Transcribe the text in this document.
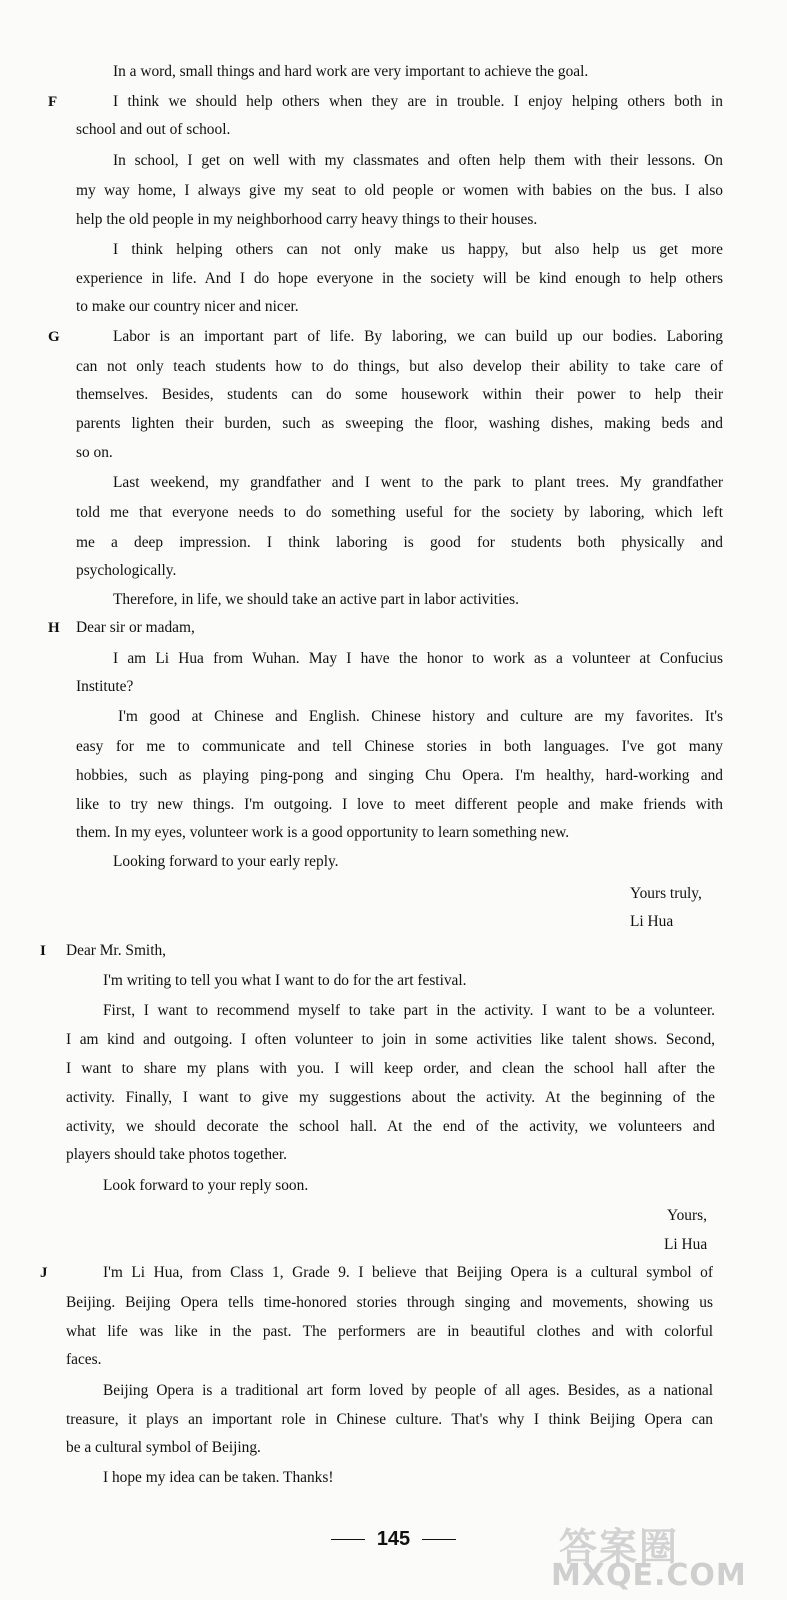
In a word, small things and hard work are very important to achieve the goal.
F	I think we should help others when they are in trouble. I enjoy helping others both in
school and out of school.
In school, I get on well with my classmates and often help them with their lessons. On
my way home, I always give my seat to old people or women with babies on the bus. I also
help the old people in my neighborhood carry heavy things to their houses.
I think helping others can not only make us happy, but also help us get more
experience in life. And I do hope everyone in the society will be kind enough to help others
to make our country nicer and nicer.
G	Labor is an important part of life. By laboring, we can build up our bodies. Laboring
can not only teach students how to do things, but also develop their ability to take care of
themselves. Besides, students can do some housework within their power to help their
parents lighten their burden, such as sweeping the floor, washing dishes, making beds and
so on.
Last weekend, my grandfather and I went to the park to plant trees. My grandfather
told me that everyone needs to do something useful for the society by laboring, which left
me a deep impression. I think laboring is good for students both physically and
psychologically.
Therefore, in life, we should take an active part in labor activities.
H Dear sir or madam,
I am Li Hua from Wuhan. May I have the honor to work as a volunteer at Confucius
Institute?
I'm good at Chinese and English. Chinese history and culture are my favorites. It's
easy for me to communicate and tell Chinese stories in both languages. I've got many
hobbies, such as playing ping-pong and singing Chu Opera. I'm healthy, hard-working and
like to try new things. I'm outgoing. I love to meet different people and make friends with
them. In my eyes, volunteer work is a good opportunity to learn something new.
Looking forward to your early reply.
Yours truly,
Li Hua
I Dear Mr. Smith,
I'm writing to tell you what I want to do for the art festival.
First, I want to recommend myself to take part in the activity. I want to be a volunteer.
I am kind and outgoing. I often volunteer to join in some activities like talent shows. Second,
I want to share my plans with you. I will keep order, and clean the school hall after the
activity. Finally, I want to give my suggestions about the activity. At the beginning of the
activity, we should decorate the school hall. At the end of the activity, we volunteers and
players should take photos together.
Look forward to your reply soon.
Yours,
Li Hua
J	I'm Li Hua, from Class 1, Grade 9. I believe that Beijing Opera is a cultural symbol of
Beijing. Beijing Opera tells time-honored stories through singing and movements, showing us
what life was like in the past. The performers are in beautiful clothes and with colorful
faces.
Beijing Opera is a traditional art form loved by people of all ages. Besides, as a national
treasure, it plays an important role in Chinese culture. That's why I think Beijing Opera can
be a cultural symbol of Beijing.
I hope my idea can be taken. Thanks!
145	答案圈
MXQE.COM
